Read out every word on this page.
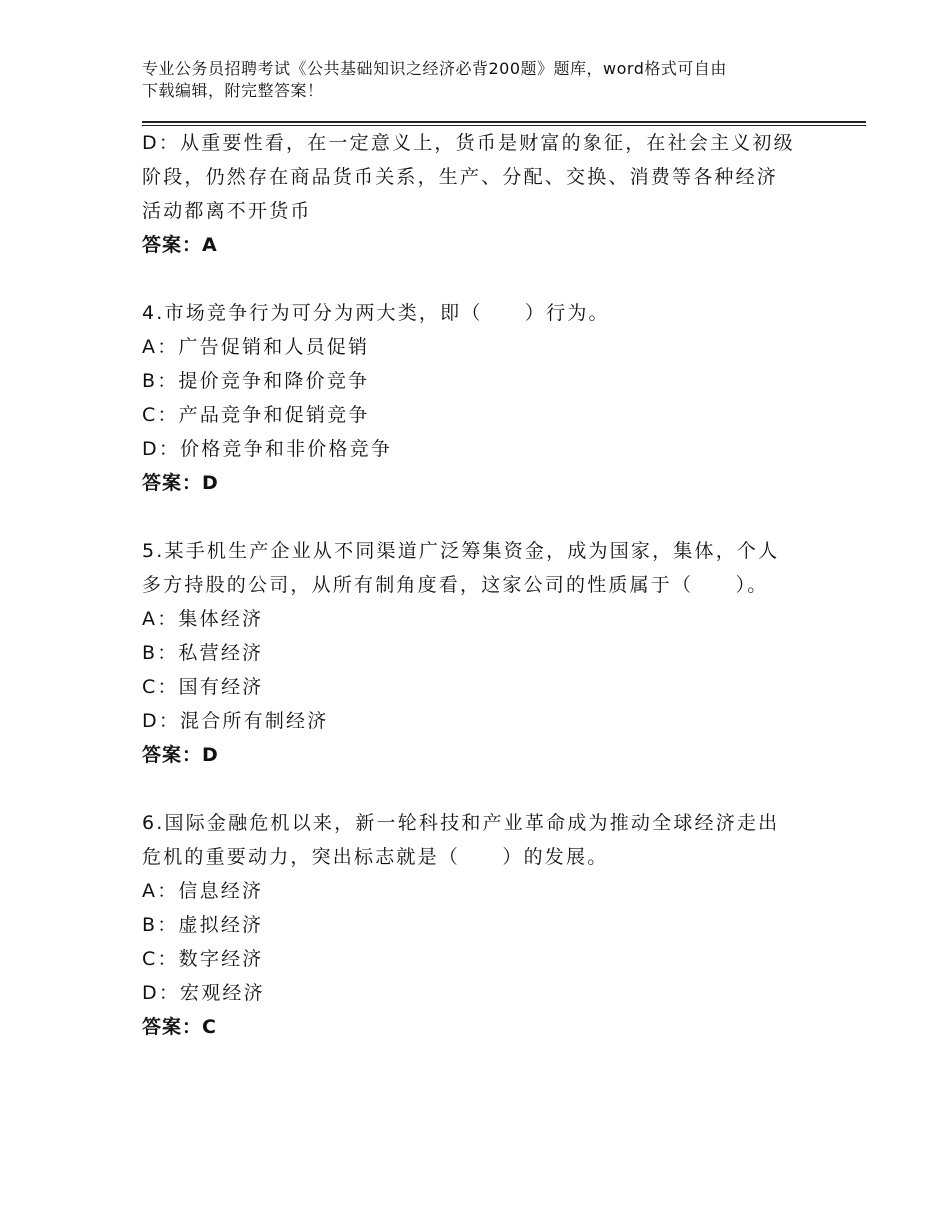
专业公务员招聘考试《公共基础知识之经济必背200题》题库，word格式可自由
下载编辑，附完整答案！
D：从重要性看，在一定意义上，货币是财富的象征，在社会主义初级
阶段，仍然存在商品货币关系，生产、分配、交换、消费等各种经济
活动都离不开货币
答案：A
4.市场竞争行为可分为两大类，即（　　）行为。
A：广告促销和人员促销
B：提价竞争和降价竞争
C：产品竞争和促销竞争
D：价格竞争和非价格竞争
答案：D
5.某手机生产企业从不同渠道广泛筹集资金，成为国家，集体，个人
多方持股的公司，从所有制角度看，这家公司的性质属于（　　）。
A：集体经济
B：私营经济
C：国有经济
D：混合所有制经济
答案：D
6.国际金融危机以来，新一轮科技和产业革命成为推动全球经济走出
危机的重要动力，突出标志就是（　　）的发展。
A：信息经济
B：虚拟经济
C：数字经济
D：宏观经济
答案：C
